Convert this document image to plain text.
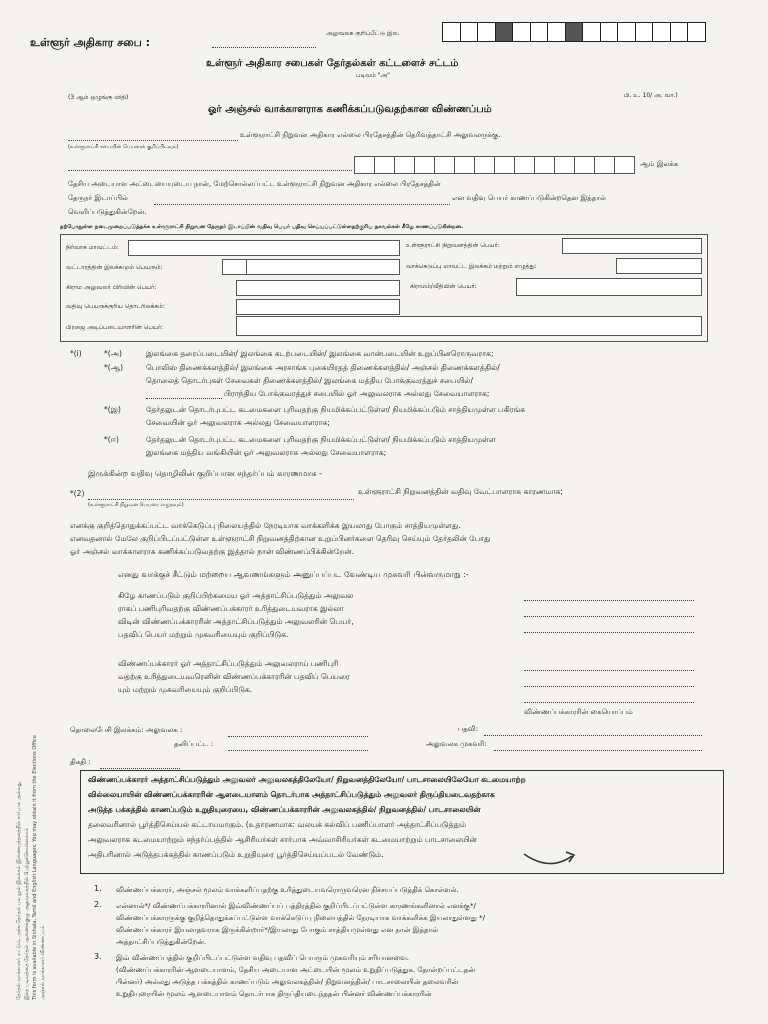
உள்ளூர் அதிகார சபை :
அலுவலக குறிப்பீட்டு இல.
உள்ளூர் அதிகார சபைகள் தேர்தல்கள் கட்டளைச் சட்டம்
படிவம் "அ"
(3 ஆம் ஒழுங்கு விதி)	பி. உ. 10/ அ. வா.)
ஓர் அஞ்சல் வாக்காளராக கணிக்கப்படுவதற்கான விண்ணப்பம்
உள்ளூராட்சி நிறுவன அதிகார எல்லை பிரதேசத்தின் தெரிவத்தாட்சி அலுவலருக்கு.
(உள்ளூராட்சி சபையின் பெயரைக் குறிப்பிடவும்)
ஆம் இலக்க
தேசிய அடையாள அட்டையையுடைய நான், மேற்சொல்லப்பட்ட உள்ளூராட்சி நிறுவன அதிகார எல்லை பிரதேசத்தின்
தேருநர் இடாப்பில்	என வதிவு பெயர் காணப்படுகின்றதென இத்தால்
வெளிப்படுத்துகின்றேன்.
தற்போதுள்ள நடைமுறைப்படுத்தக்க உள்ளூராட்சி நிறுவன தேருநர் இடாப்பின் வதிவு பெயர் பதிவு செய்யப்பட்டுள்ளதற்குரிய தகவல்கள் கீழே காணப்படுகின்றன.
நிர்வாக மாவட்டம்:	உள்ளூராட்சி நிறுவனத்தின் பெயர்:
வட்டாரத்தின் இலக்கமும் பெயரும்:	வாக்கெடுப்பு மாவட்ட இலக்கம் மற்றும் எழுத்து:
கிராம அலுவலர் பிரிவின் பெயர்:	கிராமம்/வீதியின் பெயர்:
வதிவு பெயருக்குரிய தொடரிலக்கம்:
பிரஜை அடிப்படையாளரின் பெயர்:
*(i)	*(அ)	இலங்கை தரைப்படையின்/ இலங்கை கடற்படையின்/ இலங்கை வான்படையின் உறுப்பினரொருவராக;
*(ஆ)	பொலிஸ் திணைக்களத்தில்/ இலங்கை அரசாங்க புகையிரதத் திணைக்களத்தில்/ அஞ்சல் திணைக்களத்தில்/
தொலைத் தொடர்புகள் சேவைகள் திணைக்களத்தில்/ இலங்கை மத்திய போக்குவரத்துச் சபையில்/
பிராந்திய போக்குவரத்துச் சபையில் ஓர் அலுவலராக அல்லது சேவையாளராக;
*(இ)	தேர்தலுடன் தொடர்புபட்ட கடமைகளை புரிவதற்கு நியமிக்கப்பட்டுள்ள/ நியமிக்கப்படும் சாத்தியமுள்ள பகிரங்க
சேவையின் ஓர் அலுவலராக அல்லது சேவையாளராக;
*(ஈ)	தேர்தலுடன் தொடர்புபட்ட கடமைகளை புரிவதற்கு நியமிக்கப்பட்டுள்ள/ நியமிக்கப்படும் சாத்தியமுள்ள
இலங்கை மத்திய வங்கியின் ஓர் அலுவலராக அல்லது சேவையாளராக;
இருக்கின்ற வதிவு தொழிலின் குறிப்பான சந்தர்ப்பம் காரணமாக -
*(2)	உள்ளூராட்சி நிறுவனத்தின் வதிவு வேட்பாளராக காரணமாக;
(உள்ளூராட்சி நிறுவன பெயரை எழுதவும்)
எனக்கு குறித்தொதுக்கப்பட்ட வாக்கெடுப்பு நிலையத்தில் நேரடியாக வாக்களிக்க இயலாது போகும் சாத்தியமுள்ளது.
எனவதனால் மேலே குறிப்பிடப்பட்டுள்ள உள்ளூராட்சி நிறுவனத்திற்கான உறுப்பினர்களை தெரிவு செய்யும் தேர்தலின் போது
ஓர் அஞ்சல் வாக்காளராக கணிக்கப்படுவதற்கு இத்தால் நான் விண்ணப்பிக்கின்றேன்.
எனது வாக்குச் சீட்டும் மற்றைய ஆவணங்களும் அனுப்பப்பட வேண்டிய முகவரி பின்வருமாறு :-
கிழே காணப்படும் குறிப்பிற்கமைய ஓர் அத்தாட்சிப்படுத்தும் அலுவல
ராகப் பணிபுரிவதற்கு விண்ணப்பக்காரர் உரித்துடையவராக இல்லா
விடின் விண்ணப்பக்காரரின் அத்தாட்சிப்படுத்தும் அலுவலரின் பெயர்,
பதவிப் பெயர் மற்றும் முகவரியையும் குறிப்பிடுக.
விண்ணப்பக்காரர் ஓர் அத்தாட்சிப்படுத்தும் அலுவலராய் பணிபுரி
வதற்கு உரித்துடையவரெனின் விண்ணப்பக்காரரின் பதவிப் பெயரை
யும் மற்றும் முகவரியையும் குறிப்பிடுக.
விண்ணப்பக்காரரின் கையொப்பம்
தொலைபேசி இலக்கம்: அலுவலக :
தனிப்பட்ட :
பதவி:
அலுவலக முகவரி:
திகதி :
விண்ணப்பக்காரர் அத்தாட்சிப்படுத்தும் அலுவலர் அலுவலகத்திலேயோ/ நிறுவனத்திலேயோ/ பாடசாலையிலேயோ கடமையாற்ற
வில்லையாயின் விண்ணப்பக்காரரின் ஆளடையாளம் தொடர்பாக அத்தாட்சிப்படுத்தும் அலுவலர் திருப்தியடைவதற்காக
அடுத்த பக்கத்தில் காணப்படும் உறுதியுரையை, விண்ணப்பக்காரரின் அலுவலகத்தில்/ நிறுவனத்தில்/ பாடசாலையின்
தலைவரினால் பூர்த்திசெய்யல் கட்டாயமாகும். (உதாரணமாக: வலயக் கல்விப் பணிப்பாளர் அத்தாட்சிப்படுத்தும்
அலுவலராக கடமையாற்றும் சந்தர்ப்பத்தில் ஆசிரியர்கள் சார்பாக அவ்வாசிரியர்கள் கடமையாற்றும் பாடசாலையின்
அதிபரினால் அடுத்தபக்கத்தில் காணப்படும் உறுதியுரை பூர்த்திசெய்யப்படல் வேண்டும்.
1.	விண்ணப்பக்காரர், அஞ்சல் மூலம் வாக்களிப்பதற்கு உரித்துடையவரொருவரென நிச்சயப்படுத்திக் கொள்ளல்.
2.	என்னால்*/ விண்ணப்பக்காரரினால் இவ்விண்ணப்பப் பத்திரத்தில் குறிப்பிடப்பட்டுள்ள காரணங்களினால் எனக்கு*/
விண்ணப்பக்காரருக்கு குறித்தொதுக்கப்பட்டுள்ள வாக்கெடுப்பு நிலையத்தில் நேரடியாக வாக்களிக்க இயலாதுள்ளது */
விண்ணப்பக்காரர் இயலாதவராக இருக்கின்றார்*/இயலாது போகும் சாத்தியமுள்ளது என நான் இத்தால்
அத்தாட்சிப்படுத்துகின்றேன்.
3.	இவ் விண்ணப்பத்தில் குறிப்பிடப்பட்டுள்ள வதிவு பதவிப் பெயரும் முகவரியும் சரியானவை.
(விண்ணப்பக்காரரின் ஆளடையாளம், தேசிய அடையாள அட்டையின் மூலம் உறுதிப்படுத்துக. தோன்றப்பட்டதன்
பின்னர்) அல்லது அடுத்த பக்கத்தில் காணப்படும் அலுவலகத்தின்/ நிறுவனத்தின்/ பாடசாலையின் தலைவரின்
உறுதியுரையின் மூலம் ஆளடையாளம் தொடர்பாக திருப்தியடைந்ததன் பின்னர் விண்ணப்பக்காரரின்
தேர்தல் வாக்காளர் மட்டும், அச்சு தேர்தல் பல நூல் இலக்கம் இணையத்தளத்தில் சார்பாக அல்லது இந்த படிவத்தை தேர்தல் ஆணைக்குழு அலுவலகத்தில் பெற்றுக்கொள்ளலாம் This form is available in Sinhala, Tamil and English Languages. You may obtain it from the Elections Office அஞ்சல் வாக்காளர் விண்ணப்பம்
